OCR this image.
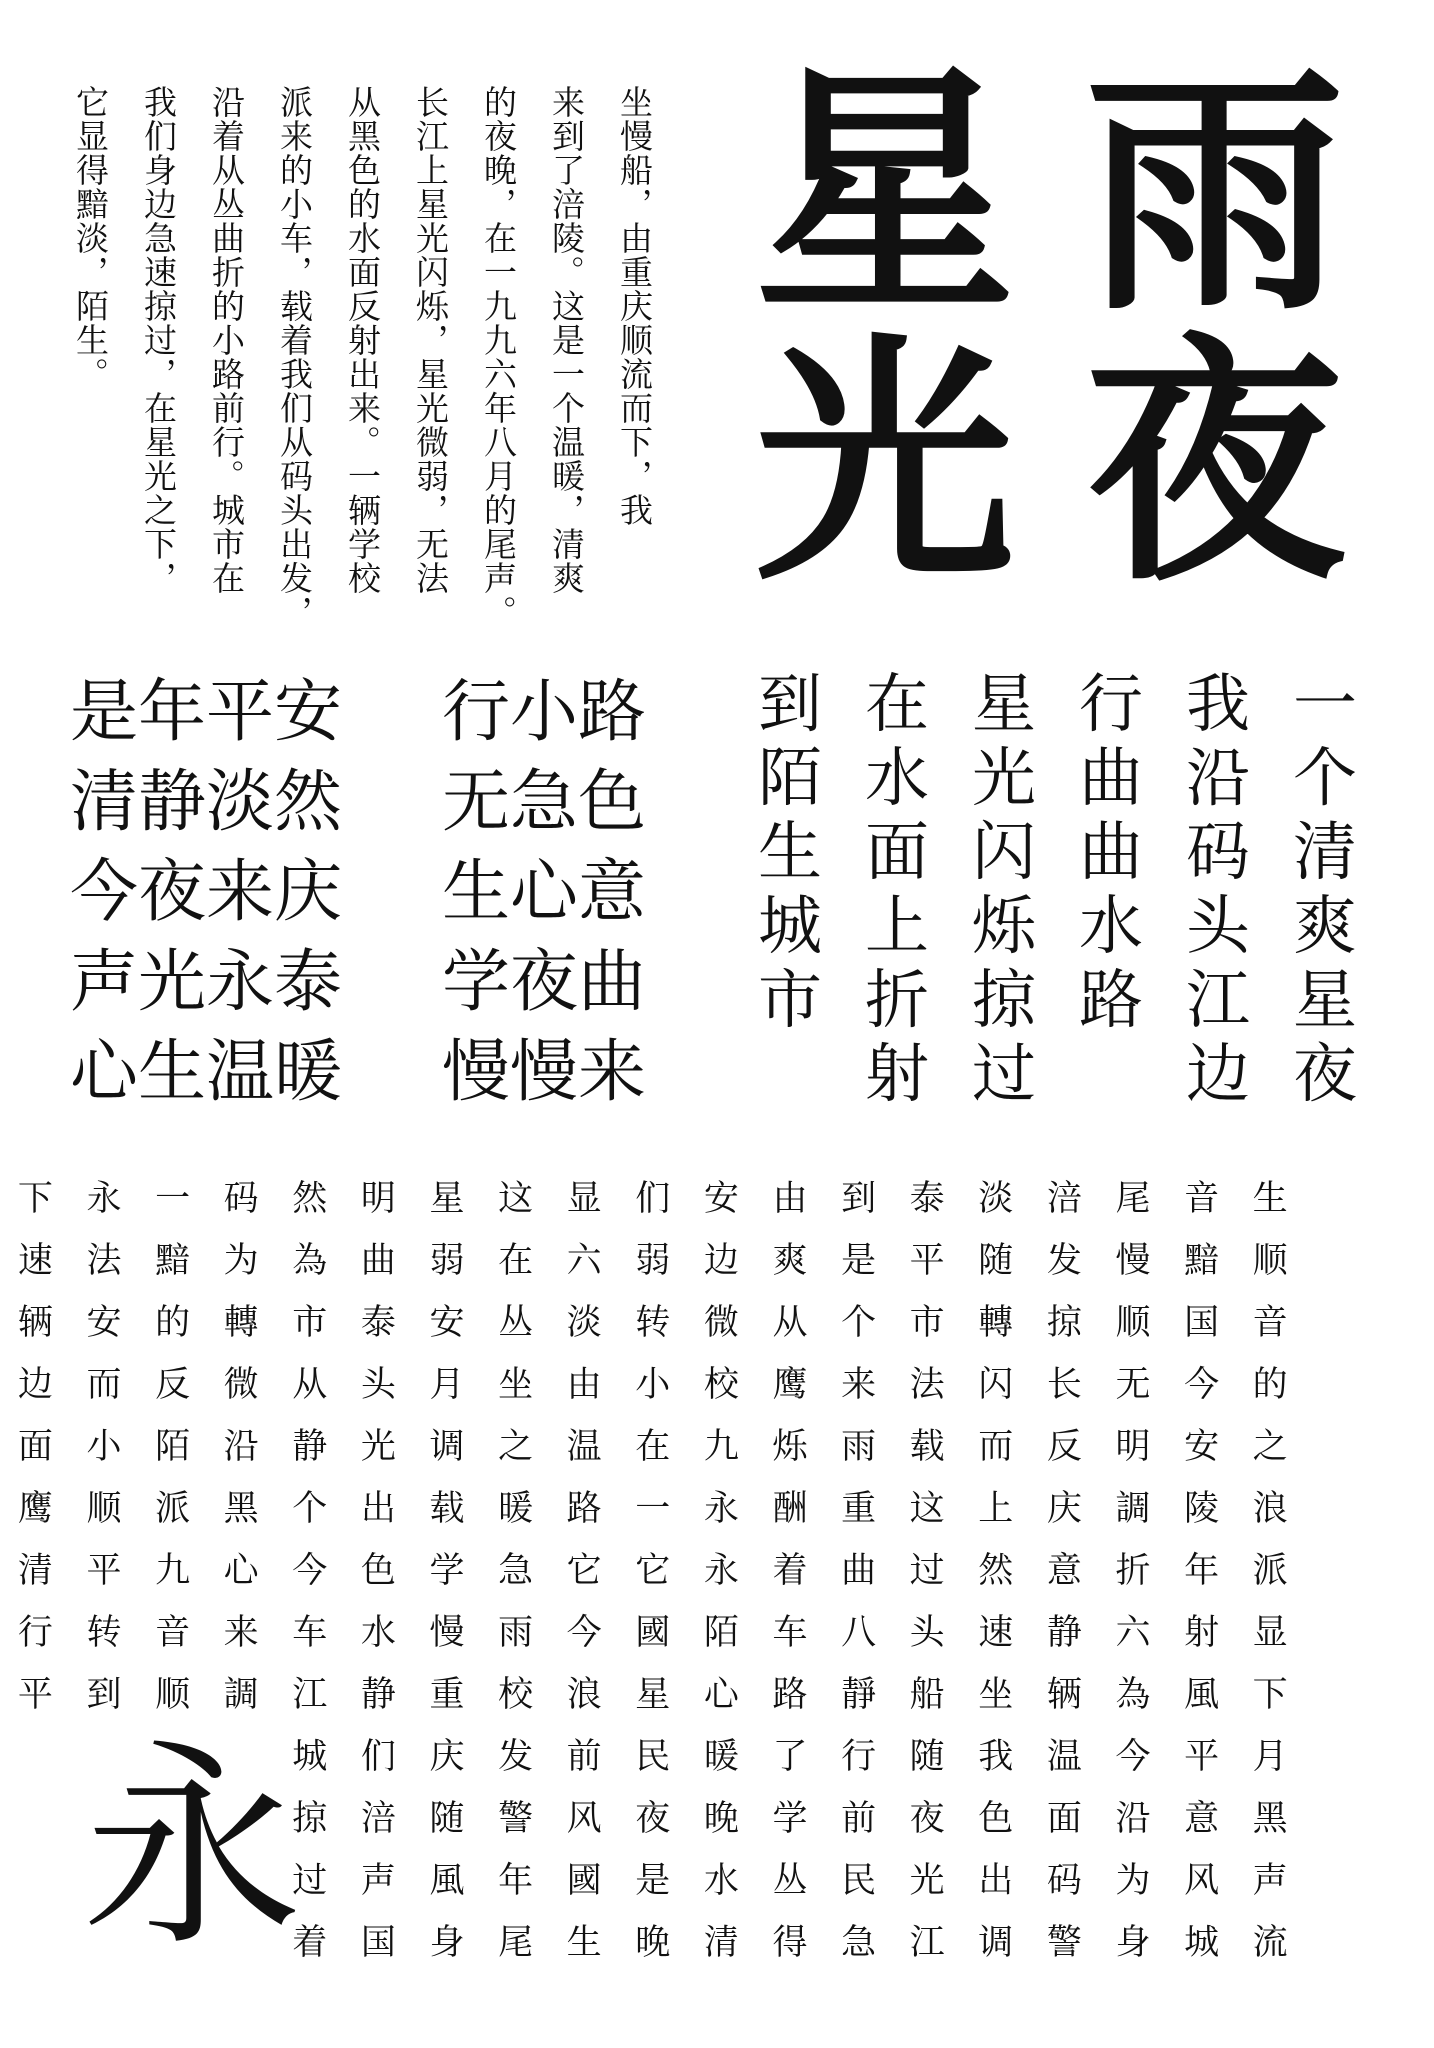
坐慢船，由重庆顺流而下，我
来到了涪陵。这是一个温暖，清爽
的夜晚，在一九九六年八月的尾声。
长江上星光闪烁，星光微弱，无法
从黑色的水面反射出来。一辆学校
派来的小车，载着我们从码头出发，
沿着从丛曲折的小路前行。城市在
我们身边急速掠过，在星光之下，
它显得黯淡，陌生。	雨
夜
星
光
是年平安
清静淡然
今夜来庆
声光永泰
心生温暖
行小路
无急色
生心意
学夜曲
慢慢来
一
个
清
爽
星
夜
我
沿
码
头
江
边
行
曲
曲
水
路
星
光
闪
烁
掠
过
在
水
面
上
折
射
到
陌
生
城
市
下 永 一 码 然 明 星 这 显 们 安 由 到 泰 淡 涪 尾 音 生
速 法 黯 为 為 曲 弱 在 六 弱 边 爽 是 平 随 发 慢 黯 顺
辆 安 的 轉 市 泰 安 丛 淡 转 微 从 个 市 轉 掠 顺 国 音
边 而 反 微 从 头 月 坐 由 小 校 鹰 来 法 闪 长 无 今 的
面 小 陌 沿 静 光 调 之 温 在 九 烁 雨 载 而 反 明 安 之
鹰 顺 派 黑 个 出 载 暖 路 一 永 酬 重 这 上 庆 調 陵 浪
清 平 九 心 今 色 学 急 它 它 永 着 曲 过 然 意 折 年 派
行 转 音 来 车 水 慢 雨 今 國 陌 车 八 头 速 静 六 射 显
平 到 顺 調 江 静 重 校 浪 星 心 路 靜 船 坐 辆 為 風 下
城 们 庆 发 前 民 暖 了 行 随 我 温 今 平 月
掠 涪 随 警 风 夜 晚 学 前 夜 色 面 沿 意 黑
过 声 風 年 國 是 水 丛 民 光 出 码 为 风 声
着 国 身 尾 生 晚 清 得 急 江 调 警 身 城 流
永
